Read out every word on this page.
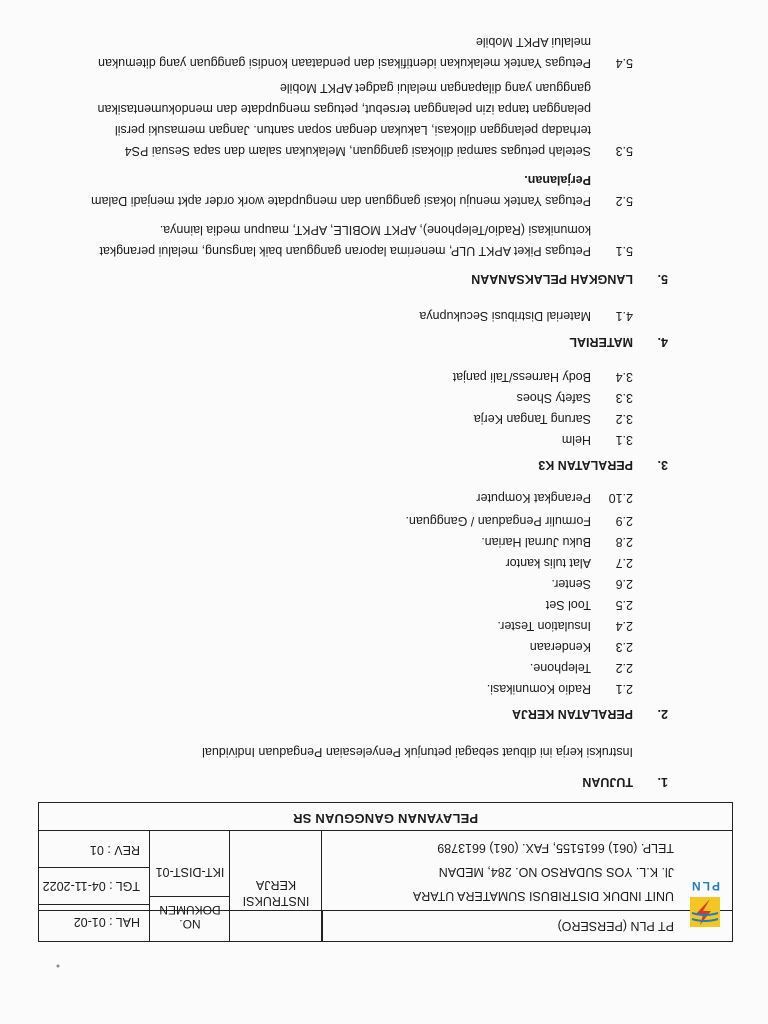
PLN
PT PLN (PERSERO)
UNIT INDUK DISTRIBUSI SUMATERA UTARA
Jl. K.L. YOS SUDARSO NO. 284, MEDAN
TELP. (061) 6615155, FAX. (061) 6613789
INSTRUKSI KERJA
NO. DOKUMEN
IKT-DIST-01
HAL : 01-02
TGL : 04-11-2022
REV : 01
PELAYANAN GANGGUAN SR
1.
TUJUAN
Instruksi kerja ini dibuat sebagai petunjuk Penyelesaian Pengaduan Individual
2.
PERALATAN KERJA
2.1
Radio Komunikasi.
2.2
Telephone.
2.3
Kenderaan
2.4
Insulation Tester.
2.5
Tool Set
2.6
Senter.
2.7
Alat tulis kantor
2.8
Buku Jurnal Harian.
2.9
Formulir Pengaduan / Gangguan.
2.10
Perangkat Komputer
3.
PERALATAN K3
3.1
Helm
3.2
Sarung Tangan Kerja
3.3
Safety Shoes
3.4
Body Harness/Tali panjat
4.
MATERIAL
4.1
Material Distribusi Secukupnya
5.
LANGKAH PELAKSANAAN
5.1
Petugas Piket APKT ULP, menerima laporan gangguan baik langsung, melalui perangkat
komunikasi (Radio/Telephone), APKT MOBILE, APKT, maupun media lainnya.
5.2
Petugas Yantek menuju lokasi gangguan dan mengupdate work order apkt menjadi Dalam
Perjalanan.
5.3
Setelah petugas sampai dilokasi gangguan, Melakukan salam dan sapa Sesuai PS4
terhadap pelanggan dilokasi, Lakukan dengan sopan santun. Jangan memasuki persil
pelanggan tanpa izin pelanggan tersebut, petugas mengupdate dan mendokumentasikan
gangguan yang dilapangan melalui gadget APKT Mobile
5.4
Petugas Yantek melakukan identifikasi dan pendataan kondisi gangguan yang ditemukan
melalui APKT Mobile
